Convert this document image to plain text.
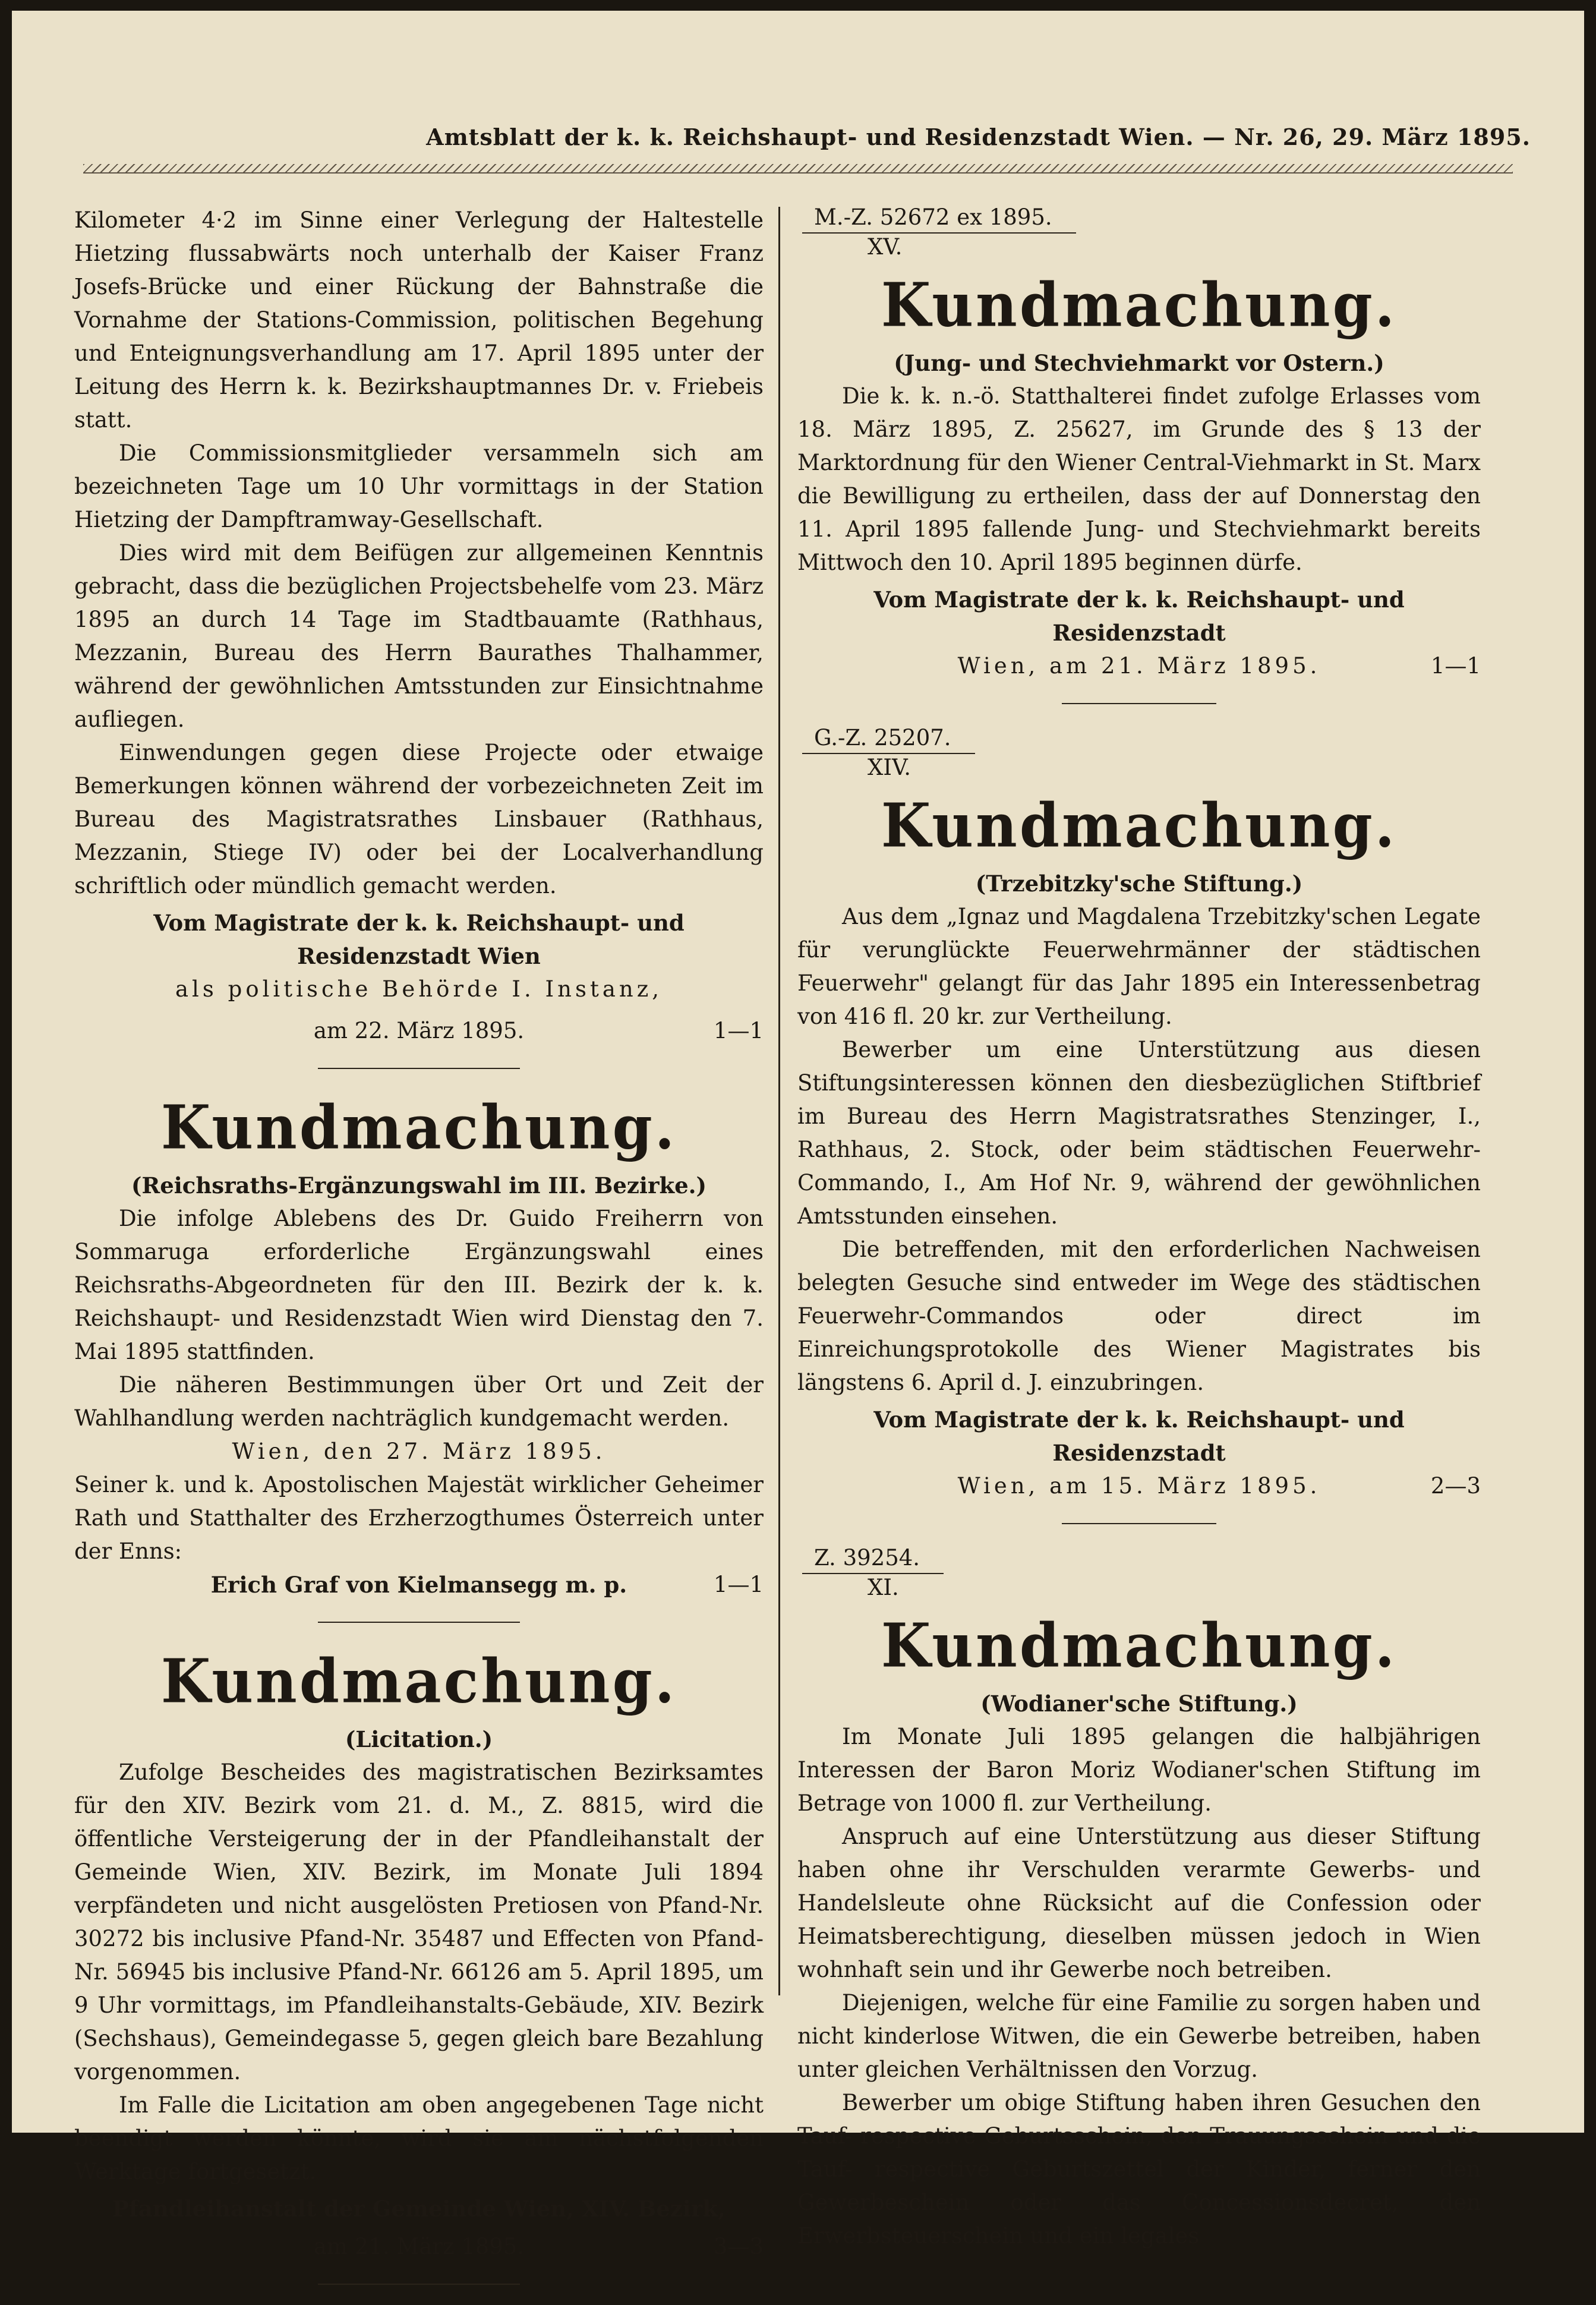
Amtsblatt der k. k. Reichshaupt- und Residenzstadt Wien. — Nr. 26, 29. März 1895.

Kilometer 4·2 im Sinne einer Verlegung der Haltestelle Hietzing flussabwärts noch unterhalb der Kaiser Franz Josefs-Brücke und einer Rückung der Bahnstraße die Vornahme der Stations-Commission, politischen Begehung und Enteignungsverhandlung am 17. April 1895 unter der Leitung des Herrn k. k. Bezirkshauptmannes Dr. v. Friebeis statt.

Die Commissionsmitglieder versammeln sich am bezeichneten Tage um 10 Uhr vormittags in der Station Hietzing der Dampftramway-Gesellschaft.

Dies wird mit dem Beifügen zur allgemeinen Kenntnis gebracht, dass die bezüglichen Projectsbehelfe vom 23. März 1895 an durch 14 Tage im Stadtbauamte (Rathhaus, Mezzanin, Bureau des Herrn Baurathes Thalhammer, während der gewöhnlichen Amtsstunden zur Einsichtnahme aufliegen.

Einwendungen gegen diese Projecte oder etwaige Bemerkungen können während der vorbezeichneten Zeit im Bureau des Magistratsrathes Linsbauer (Rathhaus, Mezzanin, Stiege IV) oder bei der Localverhandlung schriftlich oder mündlich gemacht werden.

Vom Magistrate der k. k. Reichshaupt- und Residenzstadt Wien
als politische Behörde I. Instanz,
am 22. März 1895.	1—1
Kundmachung.
(Reichsraths-Ergänzungswahl im III. Bezirke.)

Die infolge Ablebens des Dr. Guido Freiherrn von Sommaruga erforderliche Ergänzungswahl eines Reichsraths-Abgeordneten für den III. Bezirk der k. k. Reichshaupt- und Residenzstadt Wien wird Dienstag den 7. Mai 1895 stattfinden.

Die näheren Bestimmungen über Ort und Zeit der Wahlhandlung werden nachträglich kundgemacht werden.

Wien, den 27. März 1895.

Seiner k. und k. Apostolischen Majestät wirklicher Geheimer Rath und Statthalter des Erzherzogthumes Österreich unter der Enns:

Erich Graf von Kielmansegg m. p.	1—1
Kundmachung.
(Licitation.)

Zufolge Bescheides des magistratischen Bezirksamtes für den XIV. Bezirk vom 21. d. M., Z. 8815, wird die öffentliche Versteigerung der in der Pfandleihanstalt der Gemeinde Wien, XIV. Bezirk, im Monate Juli 1894 verpfändeten und nicht ausgelösten Pretiosen von Pfand-Nr. 30272 bis inclusive Pfand-Nr. 35487 und Effecten von Pfand-Nr. 56945 bis inclusive Pfand-Nr. 66126 am 5. April 1895, um 9 Uhr vormittags, im Pfandleihanstalts-Gebäude, XIV. Bezirk (Sechshaus), Gemeindegasse 5, gegen gleich bare Bezahlung vorgenommen.

Im Falle die Licitation am oben angegebenen Tage nicht beendigt werden könnte, wird sie am nächstfolgenden Werktage fortgesetzt.

Pfandleihanstalt der Gemeinde Wien, XIV. Bezirk,
am 21. März 1895.	3—3
M.-Z. 52672 ex 1895.
XV.
Kundmachung.
(Jung- und Stechviehmarkt vor Ostern.)

Die k. k. n.-ö. Statthalterei findet zufolge Erlasses vom 18. März 1895, Z. 25627, im Grunde des § 13 der Marktordnung für den Wiener Central-Viehmarkt in St. Marx die Bewilligung zu ertheilen, dass der auf Donnerstag den 11. April 1895 fallende Jung- und Stechviehmarkt bereits Mittwoch den 10. April 1895 beginnen dürfe.

Vom Magistrate der k. k. Reichshaupt- und Residenzstadt
Wien, am 21. März 1895.	1—1
G.-Z. 25207.
XIV.
Kundmachung.
(Trzebitzky'sche Stiftung.)

Aus dem „Ignaz und Magdalena Trzebitzky'schen Legate für verunglückte Feuerwehrmänner der städtischen Feuerwehr" gelangt für das Jahr 1895 ein Interessenbetrag von 416 fl. 20 kr. zur Vertheilung.

Bewerber um eine Unterstützung aus diesen Stiftungsinteressen können den diesbezüglichen Stiftbrief im Bureau des Herrn Magistratsrathes Stenzinger, I., Rathhaus, 2. Stock, oder beim städtischen Feuerwehr-Commando, I., Am Hof Nr. 9, während der gewöhnlichen Amtsstunden einsehen.

Die betreffenden, mit den erforderlichen Nachweisen belegten Gesuche sind entweder im Wege des städtischen Feuerwehr-Commandos oder direct im Einreichungsprotokolle des Wiener Magistrates bis längstens 6. April d. J. einzubringen.

Vom Magistrate der k. k. Reichshaupt- und Residenzstadt
Wien, am 15. März 1895.	2—3
Z. 39254.
XI.
Kundmachung.
(Wodianer'sche Stiftung.)

Im Monate Juli 1895 gelangen die halbjährigen Interessen der Baron Moriz Wodianer'schen Stiftung im Betrage von 1000 fl. zur Vertheilung.

Anspruch auf eine Unterstützung aus dieser Stiftung haben ohne ihr Verschulden verarmte Gewerbs- und Handelsleute ohne Rücksicht auf die Confession oder Heimatsberechtigung, dieselben müssen jedoch in Wien wohnhaft sein und ihr Gewerbe noch betreiben.

Diejenigen, welche für eine Familie zu sorgen haben und nicht kinderlose Witwen, die ein Gewerbe betreiben, haben unter gleichen Verhältnissen den Vorzug.

Bewerber um obige Stiftung haben ihren Gesuchen den Tauf- respective Geburtsschein, den Trauungsschein und die Tauf- respective Geburtszettel der Kinder, ferner den Gewerbeschein oder das Concessionsdecret, den Erwerbsteuerschein und ein legales
